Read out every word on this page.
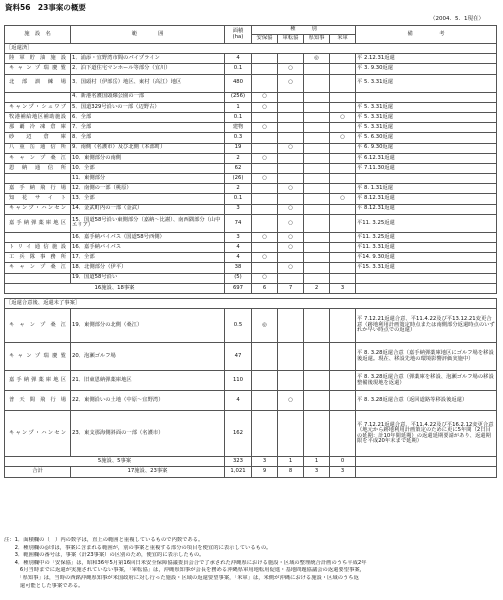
資料56　23事案の概要
（2004．5．1現在）
施　設　名	範　　　　囲	面積
(ha)	種　　　別				備　　　　　考
			安保協	軍転協	県知事	米軍	
［返還済］							
陸軍貯油施設	1．浦添・宜野湾市間のパイプライン	4			◎		平 2.12.31返還
キャンプ瑞慶覧	2．泊下道住宅マンホール等部分（宜川）	0.1		○			平 3. 9.30返還
北部訓練場	3．国頭村（伊部岳）地区、東村（高江）地区	480		○			平 5. 3.31返還
	4．新港名護国頭線公園の一部	(256)	○				
キャンプ・シュワブ	5．国道329号沿いの一部（辺野古）	1	○				平 5. 3.31返還
牧港補給地区補助施設	6．全部	0.1				○	平 5. 3.31返還
那覇冷凍倉庫	7．全部	建物	○				平 5. 3.31返還
砂辺倉庫	8．全部	0.3				○	平 5. 6.30返還
八重岳通信所	9．南側（名護市）及び北側（本部町）	19		○			平 6. 9.30返還
キャンプ桑江	10．東側部分の南側	2	○				平 6.12.31返還
恩納通信所	10．全部	62					平 7.11.30返還
	11．東側部分	(26)	○				
嘉手納飛行場	12．南側の一部（桃原）	2		○			平 8. 1.31返還
知花サイト	13．全部	0.1				○	平 8.12.31返還
キャンプ・ハンセン	14．金武町内の一部（金武）	3		○			平 8.12.31返還
嘉手納弾薬庫地区	15．国道58号沿い東側部分（嘉納～比謝）、南西隅部分（山中エリア）	74		○			平11. 3.25返還
	16．嘉手納バイパス（国道58号西側）	3	○	○			平11. 3.25返還
トリイ通信施設	16．嘉手納バイパス	4		○			平11. 3.31返還
工兵隊事務所	17．全部	4	○				平14. 9.30返還
キャンプ桑江	18．北側部分（伊平）	38		○			平15. 3.31返還
	19．国道58号沿い	(5)	○				
16施設、18事案		697	6	7	2	3	

［返還合意後、返還未了事案］							
キャンプ桑江	19．東側部分の北側（桑江）	0.5	◎				平 7.12.21返還合意、平11.4.22及び平13.12.21変更合意（跡地利用計画策定時点または南側部分返還時点のいずれか早い時点での返還）
キャンプ瑞慶覧	20．泡瀬ゴルフ場	47					平 8. 3.28返還合意（嘉手納弾薬庫地区にゴルフ場を移設後返還。現在、移設先地の環境影響評価実施中）
嘉手納弾薬庫地区	21．旧東恩納弾薬庫地区	110					平 8. 3.28返還合意（弾薬庫を移設、泡瀬ゴルフ場の移設整備後現地を返還）
普天間飛行場	22．東側沿いの土地（中原～宜野湾）	4		○			平 8. 3.28返還合意（返回道路等移設後返還）
キャンプ・ハンセン	23．東支那海側斜面の一部（名護市）	162					平 7.12.21返還合意、平11.4.22及び平16.2.12変更合意（地元から跡地利用計画策定のために更に5年間（2日目の延期：計10年間延期）の返還延期要請があり、返還期限を平成20年末まで延期）
5施設、5事案		323	3	1	1	0	
合計	17施設、23事案	1,021	9	8	3	3	
注：1．面積欄の（　）内の数字は，直上の範囲と重複しているもので内数である。
　　2．種別欄の◎印は，事案に含まれる範囲が，別の事案と重複する部分の項目を便宜的に表示しているもの。
　　3．範囲欄の番号は，事案（計23事案）の区別のため，便宜的に表示したもの。
　　4．種別欄中の「安保協」は，昭和36年5月第16回日米安全保障協議委員会合で了承された沖縄県における施設・区域の整理統合計画のうち平成2年
　　　6月当時までに返還が実施されていない事案，「軍転協」は，沖縄県知事が会長を務める沖縄県軍用地転用促進・基地問題協議会の返還要望事案，
　　　「県知事」は，当時の西銘沖縄県知事が米国政府に対し行った施設・区域の返還要望事案，「米軍」は，米側が沖縄における施設・区域のうち返
　　　還可能とした事案である。
